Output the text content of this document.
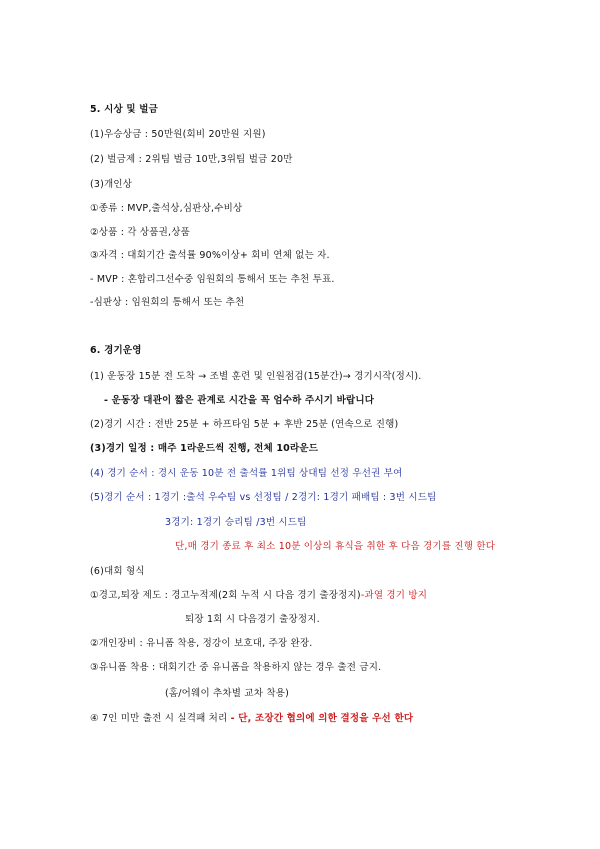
5. 시상 및 벌금
(1)우승상금 : 50만원(회비 20만원 지원)
(2) 벌금제 : 2위팀 벌금 10만,3위팀 벌금 20만
(3)개인상
①종류 : MVP,출석상,심판상,수비상
②상품 : 각 상품권,상품
③자격 : 대회기간 출석률 90%이상+ 회비 연체 없는 자.
- MVP : 혼합리그선수중 임원회의 통해서 또는 추천 투표.
-심판상 : 임원회의 통해서 또는 추천
6. 경기운영
(1) 운동장 15분 전 도착 → 조별 훈련 및 인원점검(15분간)→ 경기시작(정시).
- 운동장 대관이 짧은 관계로 시간을 꼭 엄수하 주시기 바랍니다
(2)경기 시간 : 전반 25분 + 하프타임 5분 + 후반 25분 (연속으로 진행)
(3)경기 일정 : 매주 1라운드씩 진행, 전체 10라운드
(4) 경기 순서 : 경시 운동 10분 전 출석률 1위팀 상대팀 선정 우선권 부여
(5)경기 순서 : 1경기 :출석 우수팀 vs 선정팀 / 2경기: 1경기 패배팀 : 3번 시드팀
3경기: 1경기 승리팀 /3번 시드팀
단,매 경기 종료 후 최소 10분 이상의 휴식을 취한 후 다음 경기를 진행 한다
(6)대회 형식
①경고,퇴장 제도 : 경고누적제(2회 누적 시 다음 경기 출장정지)-과열 경기 방지
퇴장 1회 시 다음경기 출장정지.
②개인장비 : 유니폼 착용, 정강이 보호대, 주장 완장.
③유니폼 착용 : 대회기간 중 유니폼을 착용하지 않는 경우 출전 금지.
(홈/어웨이 추차별 교차 착용)
④ 7인 미만 출전 시 실격패 처리 - 단, 조장간 협의에 의한 결정을 우선 한다
